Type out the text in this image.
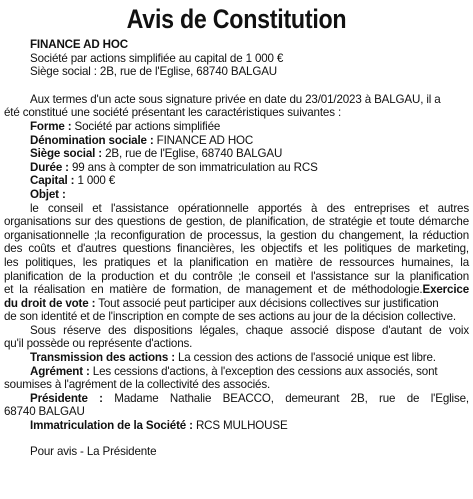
Avis de Constitution
FINANCE AD HOC
Société par actions simplifiée au capital de 1 000 €
Siège social : 2B, rue de l'Eglise, 68740 BALGAU
Aux termes d'un acte sous signature privée en date du 23/01/2023 à BALGAU, il a
été constitué une société présentant les caractéristiques suivantes :
Forme : Société par actions simplifiée
Dénomination sociale : FINANCE AD HOC
Siège social : 2B, rue de l'Eglise, 68740 BALGAU
Durée : 99 ans à compter de son immatriculation au RCS
Capital : 1 000 €
Objet :
le conseil et l'assistance opérationnelle apportés à des entreprises et autres
organisations sur des questions de gestion, de planification, de stratégie et toute démarche
organisationnelle ;la reconfiguration de processus, la gestion du changement, la réduction
des coûts et d'autres questions financières, les objectifs et les politiques de marketing,
les politiques, les pratiques et la planification en matière de ressources humaines, la
planification de la production et du contrôle ;le conseil et l'assistance sur la planification
et la réalisation en matière de formation, de management et de méthodologie.Exercice
du droit de vote : Tout associé peut participer aux décisions collectives sur justification
de son identité et de l'inscription en compte de ses actions au jour de la décision collective.
Sous réserve des dispositions légales, chaque associé dispose d'autant de voix
qu'il possède ou représente d'actions.
Transmission des actions : La cession des actions de l'associé unique est libre.
Agrément : Les cessions d'actions, à l'exception des cessions aux associés, sont
soumises à l'agrément de la collectivité des associés.
Présidente : Madame Nathalie BEACCO, demeurant 2B, rue de l'Eglise,
68740 BALGAU
Immatriculation de la Société : RCS MULHOUSE
Pour avis - La Présidente
